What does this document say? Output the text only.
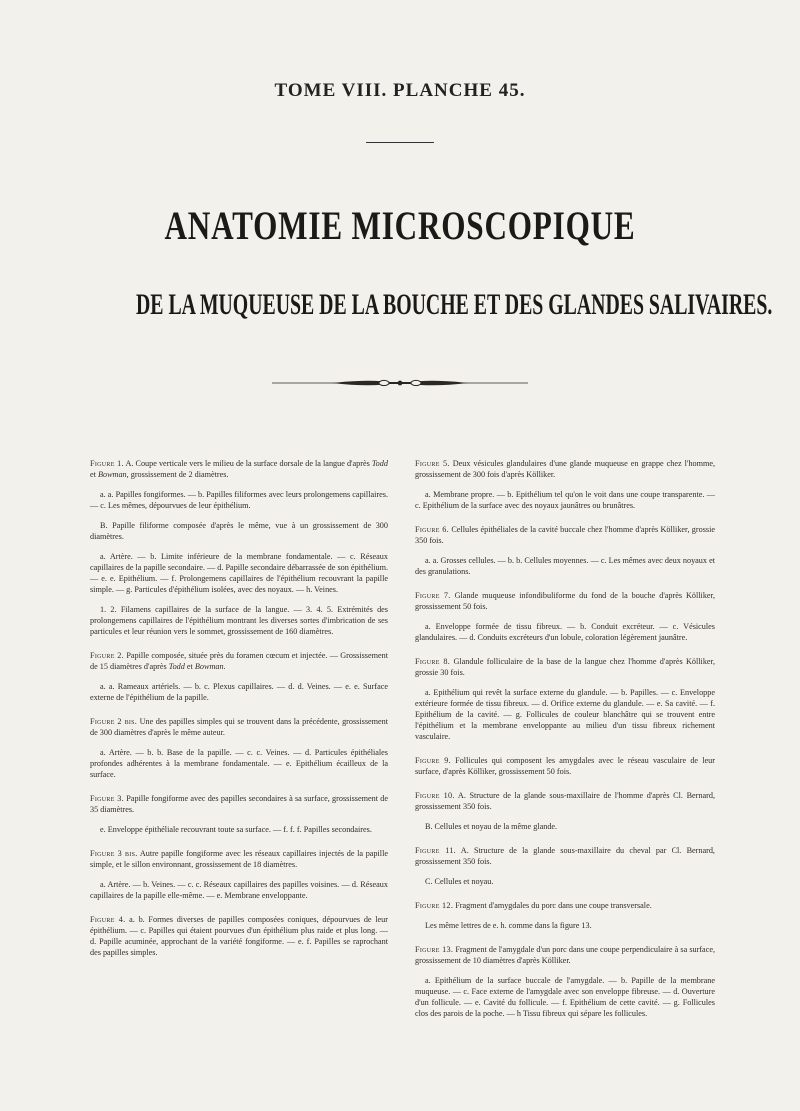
TOME VIII. PLANCHE 45.
ANATOMIE MICROSCOPIQUE
DE LA MUQUEUSE DE LA BOUCHE ET DES GLANDES SALIVAIRES.

Figure 1. A. Coupe verticale vers le milieu de la surface dorsale de la langue d'après Todd et Bowman, grossissement de 2 diamètres.

a. a. Papilles fongiformes. — b. Papilles filiformes avec leurs prolongemens capillaires. — c. Les mêmes, dépourvues de leur épithélium.

B. Papille filiforme composée d'après le même, vue à un grossissement de 300 diamètres.

a. Artère. — b. Limite inférieure de la membrane fondamentale. — c. Réseaux capillaires de la papille secondaire. — d. Papille secondaire débarrassée de son épithélium. — e. e. Epithélium. — f. Prolongemens capillaires de l'épithélium recouvrant la papille simple. — g. Particules d'épithélium isolées, avec des noyaux. — h. Veines.

1. 2. Filamens capillaires de la surface de la langue. — 3. 4. 5. Extrémités des prolongemens capillaires de l'épithélium montrant les diverses sortes d'imbrication de ses particules et leur réunion vers le sommet, grossissement de 160 diamètres.

Figure 2. Papille composée, située près du foramen cœcum et injectée. — Grossissement de 15 diamètres d'après Todd et Bowman.

a. a. Rameaux artériels. — b. c. Plexus capillaires. — d. d. Veines. — e. e. Surface externe de l'épithélium de la papille.

Figure 2 bis. Une des papilles simples qui se trouvent dans la précédente, grossissement de 300 diamètres d'après le même auteur.

a. Artère. — b. b. Base de la papille. — c. c. Veines. — d. Particules épithéliales profondes adhérentes à la membrane fondamentale. — e. Epithélium écailleux de la surface.

Figure 3. Papille fongiforme avec des papilles secondaires à sa surface, grossissement de 35 diamètres.

e. Enveloppe épithéliale recouvrant toute sa surface. — f. f. f. Papilles secondaires.

Figure 3 bis. Autre papille fongiforme avec les réseaux capillaires injectés de la papille simple, et le sillon environnant, grossissement de 18 diamètres.

a. Artère. — b. Veines. — c. c. Réseaux capillaires des papilles voisines. — d. Réseaux capillaires de la papille elle-même. — e. Membrane enveloppante.

Figure 4. a. b. Formes diverses de papilles composées coniques, dépourvues de leur épithélium. — c. Papilles qui étaient pourvues d'un épithélium plus raide et plus long. — d. Papille acuminée, approchant de la variété fongiforme. — e. f. Papilles se raprochant des papilles simples.

Figure 5. Deux vésicules glandulaires d'une glande muqueuse en grappe chez l'homme, grossissement de 300 fois d'après Kölliker.

a. Membrane propre. — b. Epithélium tel qu'on le voit dans une coupe transparente. — c. Epithélium de la surface avec des noyaux jaunâtres ou brunâtres.

Figure 6. Cellules épithéliales de la cavité buccale chez l'homme d'après Kölliker, grossie 350 fois.

a. a. Grosses cellules. — b. b. Cellules moyennes. — c. Les mêmes avec deux noyaux et des granulations.

Figure 7. Glande muqueuse infondibuliforme du fond de la bouche d'après Kölliker, grossissement 50 fois.

a. Enveloppe formée de tissu fibreux. — b. Conduit excréteur. — c. Vésicules glandulaires. — d. Conduits excréteurs d'un lobule, coloration légèrement jaunâtre.

Figure 8. Glandule folliculaire de la base de la langue chez l'homme d'après Kölliker, grossie 30 fois.

a. Epithélium qui revêt la surface externe du glandule. — b. Papilles. — c. Enveloppe extérieure formée de tissu fibreux. — d. Orifice externe du glandule. — e. Sa cavité. — f. Epithélium de la cavité. — g. Follicules de couleur blanchâtre qui se trouvent entre l'épithélium et la membrane enveloppante au milieu d'un tissu fibreux richement vasculaire.

Figure 9. Follicules qui composent les amygdales avec le réseau vasculaire de leur surface, d'après Kölliker, grossissement 50 fois.

Figure 10. A. Structure de la glande sous-maxillaire de l'homme d'après Cl. Bernard, grossissement 350 fois.

B. Cellules et noyau de la même glande.

Figure 11. A. Structure de la glande sous-maxillaire du cheval par Cl. Bernard, grossissement 350 fois.

C. Cellules et noyau.

Figure 12. Fragment d'amygdales du porc dans une coupe transversale.

Les même lettres de e. h. comme dans la figure 13.

Figure 13. Fragment de l'amygdale d'un porc dans une coupe perpendiculaire à sa surface, grossissement de 10 diamètres d'après Kölliker.

a. Epithélium de la surface buccale de l'amygdale. — b. Papille de la membrane muqueuse. — c. Face externe de l'amygdale avec son enveloppe fibreuse. — d. Ouverture d'un follicule. — e. Cavité du follicule. — f. Epithélium de cette cavité. — g. Follicules clos des parois de la poche. — h Tissu fibreux qui sépare les follicules.
